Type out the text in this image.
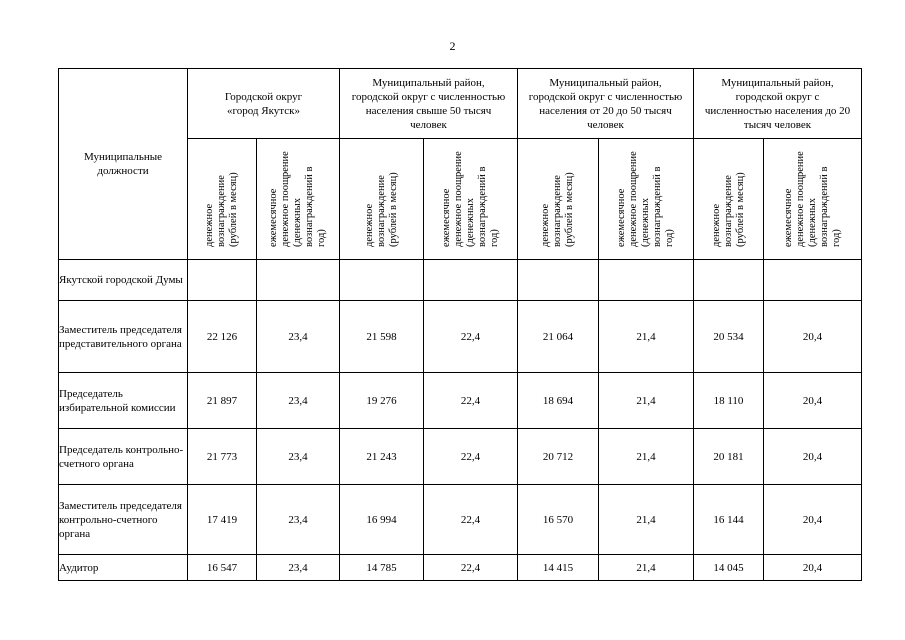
2
Муниципальные должности	Городской округ «город Якутск»		Муниципальный район, городской округ с численностью населения свыше 50 тысяч человек		Муниципальный район, городской округ с численностью населения от 20 до 50 тысяч человек		Муниципальный район, городской округ с численностью населения до 20 тысяч человек	
	денежное вознаграждение (рублей в месяц)	ежемесячное денежное поощрение (денежных вознаграждений в год)	денежное вознаграждение (рублей в месяц)	ежемесячное денежное поощрение (денежных вознаграждений в год)	денежное вознаграждение (рублей в месяц)	ежемесячное денежное поощрение (денежных вознаграждений в год)	денежное вознаграждение (рублей в месяц)	ежемесячное денежное поощрение (денежных вознаграждений в год)
Якутской городской Думы								
Заместитель председателя представительного органа	22 126	23,4	21 598	22,4	21 064	21,4	20 534	20,4
Председатель избирательной комиссии	21 897	23,4	19 276	22,4	18 694	21,4	18 110	20,4
Председатель контрольно-счетного органа	21 773	23,4	21 243	22,4	20 712	21,4	20 181	20,4
Заместитель председателя контрольно-счетного органа	17 419	23,4	16 994	22,4	16 570	21,4	16 144	20,4
Аудитор	16 547	23,4	14 785	22,4	14 415	21,4	14 045	20,4
